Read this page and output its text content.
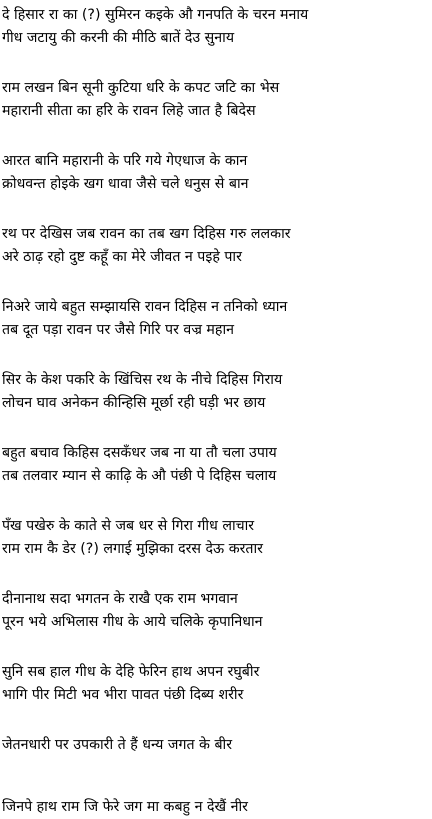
दे हिसार रा का (?) सुमिरन कइके औ गनपति के चरन मनाय
गीध जटायु की करनी की मीठि बातें देउ सुनाय
राम लखन बिन सूनी कुटिया धरि के कपट जटि का भेस
महारानी सीता का हरि के रावन लिहे जात है बिदेस
आरत बानि महारानी के परि गये गेएधाज के कान
क्रोधवन्त होइके खग धावा जैसे चले धनुस से बान
रथ पर देखिस जब रावन का तब खग दिहिस गरु ललकार
अरे ठाढ़ रहो दुष्ट कहूँ का मेरे जीवत न पइहे पार
निअरे जाये बहुत सम्झायसि रावन दिहिस न तनिको ध्यान
तब दूत पड़ा रावन पर जैसे गिरि पर वज्र महान
सिर के केश पकरि के खिंचिस रथ के नीचे दिहिस गिराय
लोचन घाव अनेकन कीन्हिसि मूर्छा रही घड़ी भर छाय
बहुत बचाव किहिस दसकँधर जब ना या तौ चला उपाय
तब तलवार म्यान से काढ़ि के औ पंछी पे दिहिस चलाय
पँख पखेरु के काते से जब धर से गिरा गीध लाचार
राम राम कै डेर (?) लगाई मुझिका दरस देऊ करतार
दीनानाथ सदा भगतन के राखै एक राम भगवान
पूरन भये अभिलास गीध के आये चलिके कृपानिधान
सुनि सब हाल गीध के देहि फेरिन हाथ अपन रघुबीर
भागि पीर मिटी भव भीरा पावत पंछी दिब्य शरीर
जेतनधारी पर उपकारी ते हैं धन्य जगत के बीर
जिनपे हाथ राम जि फेरे जग मा कबहु न देखैं नीर
